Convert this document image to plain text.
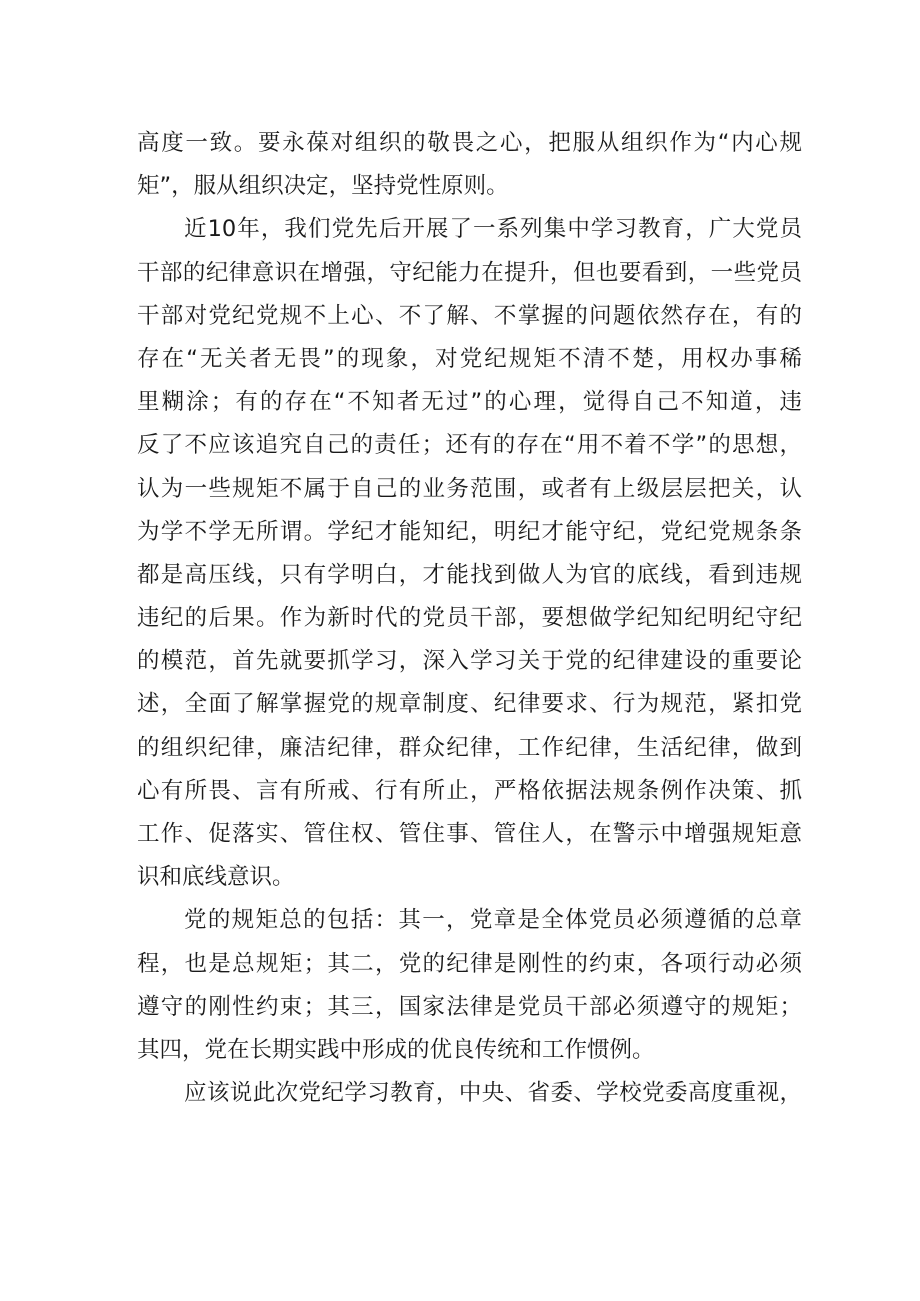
高度一致。要永葆对组织的敬畏之心，把服从组织作为“内心规
矩”，服从组织决定，坚持党性原则。
近10年，我们党先后开展了一系列集中学习教育，广大党员
干部的纪律意识在增强，守纪能力在提升，但也要看到，一些党员
干部对党纪党规不上心、不了解、不掌握的问题依然存在，有的
存在“无关者无畏”的现象，对党纪规矩不清不楚，用权办事稀
里糊涂；有的存在“不知者无过”的心理，觉得自己不知道，违
反了不应该追究自己的责任；还有的存在“用不着不学”的思想，
认为一些规矩不属于自己的业务范围，或者有上级层层把关，认
为学不学无所谓。学纪才能知纪，明纪才能守纪，党纪党规条条
都是高压线，只有学明白，才能找到做人为官的底线，看到违规
违纪的后果。作为新时代的党员干部，要想做学纪知纪明纪守纪
的模范，首先就要抓学习，深入学习关于党的纪律建设的重要论
述，全面了解掌握党的规章制度、纪律要求、行为规范，紧扣党
的组织纪律，廉洁纪律，群众纪律，工作纪律，生活纪律，做到
心有所畏、言有所戒、行有所止，严格依据法规条例作决策、抓
工作、促落实、管住权、管住事、管住人，在警示中增强规矩意
识和底线意识。
党的规矩总的包括：其一，党章是全体党员必须遵循的总章
程，也是总规矩；其二，党的纪律是刚性的约束，各项行动必须
遵守的刚性约束；其三，国家法律是党员干部必须遵守的规矩；
其四，党在长期实践中形成的优良传统和工作惯例。
应该说此次党纪学习教育，中央、省委、学校党委高度重视，
